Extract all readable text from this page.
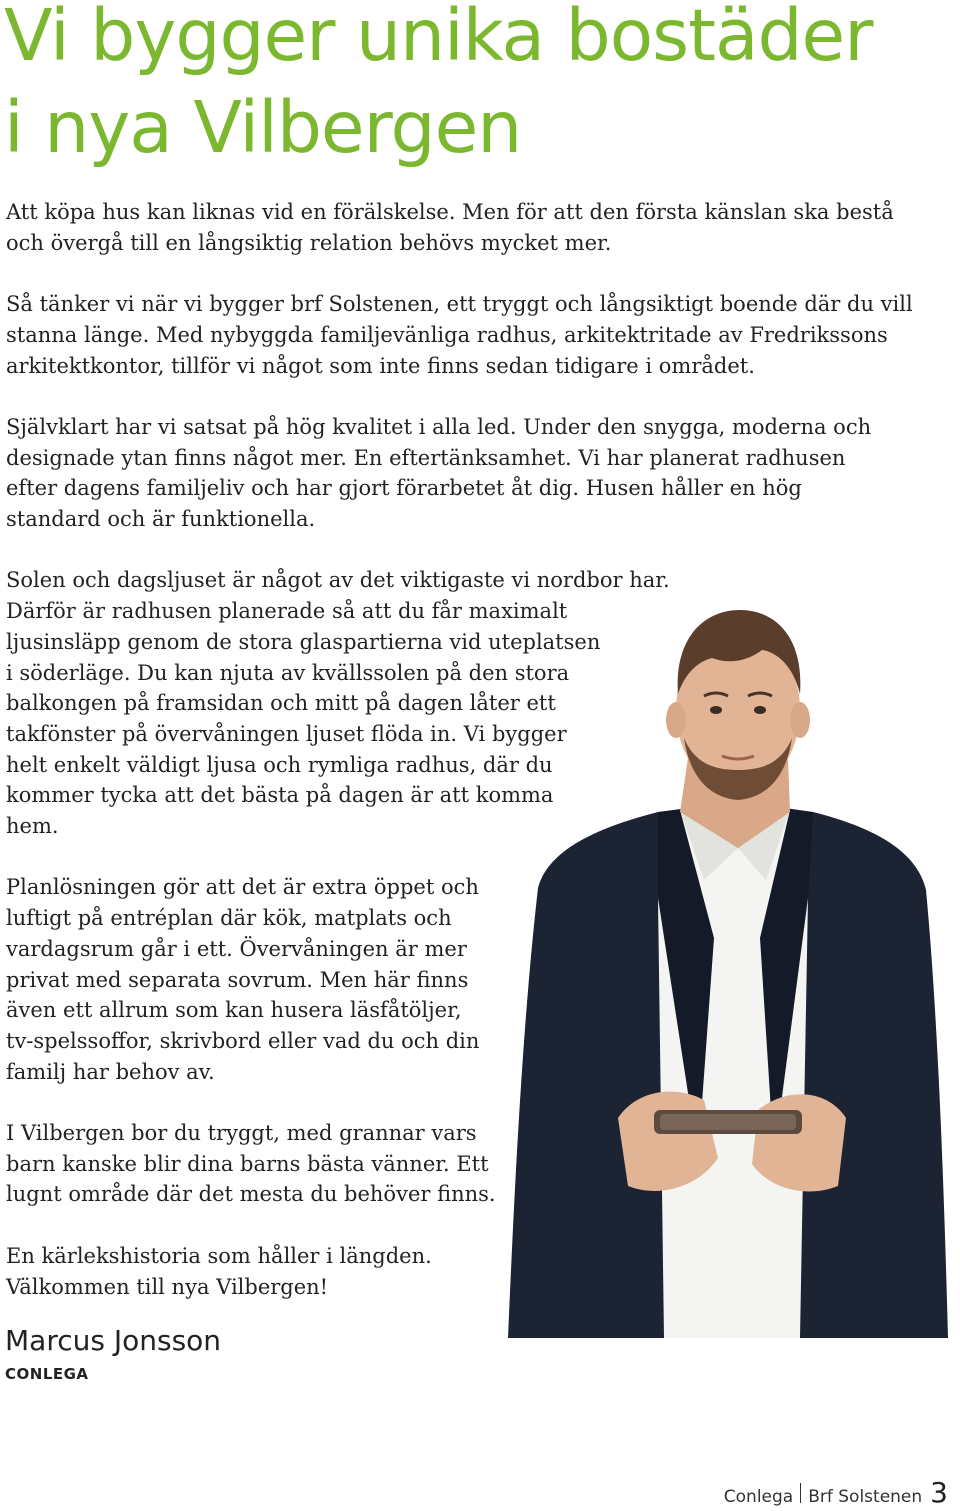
Vi bygger unika bostäder
i nya Vilbergen

Att köpa hus kan liknas vid en förälskelse. Men för att den första känslan ska bestå
och övergå till en långsiktig relation behövs mycket mer.

Så tänker vi när vi bygger brf Solstenen, ett tryggt och långsiktigt boende där du vill
stanna länge. Med nybyggda familjevänliga radhus, arkitektritade av Fredrikssons
arkitektkontor, tillför vi något som inte finns sedan tidigare i området.

Självklart har vi satsat på hög kvalitet i alla led. Under den snygga, moderna och
designade ytan finns något mer. En eftertänksamhet. Vi har planerat radhusen
efter dagens familjeliv och har gjort förarbetet åt dig. Husen håller en hög
standard och är funktionella.

Solen och dagsljuset är något av det viktigaste vi nordbor har.
Därför är radhusen planerade så att du får maximalt
ljusinsläpp genom de stora glaspartierna vid uteplatsen
i söderläge. Du kan njuta av kvällssolen på den stora
balkongen på framsidan och mitt på dagen låter ett
takfönster på övervåningen ljuset flöda in. Vi bygger
helt enkelt väldigt ljusa och rymliga radhus, där du
kommer tycka att det bästa på dagen är att komma
hem.

Planlösningen gör att det är extra öppet och
luftigt på entréplan där kök, matplats och
vardagsrum går i ett. Övervåningen är mer
privat med separata sovrum. Men här finns
även ett allrum som kan husera läsfåtöljer,
tv-spelssoffor, skrivbord eller vad du och din
familj har behov av.

I Vilbergen bor du tryggt, med grannar vars
barn kanske blir dina barns bästa vänner. Ett
lugnt område där det mesta du behöver finns.

En kärlekshistoria som håller i längden.
Välkommen till nya Vilbergen!

Marcus Jonsson
CONLEGA
Conlega Brf Solstenen 3
